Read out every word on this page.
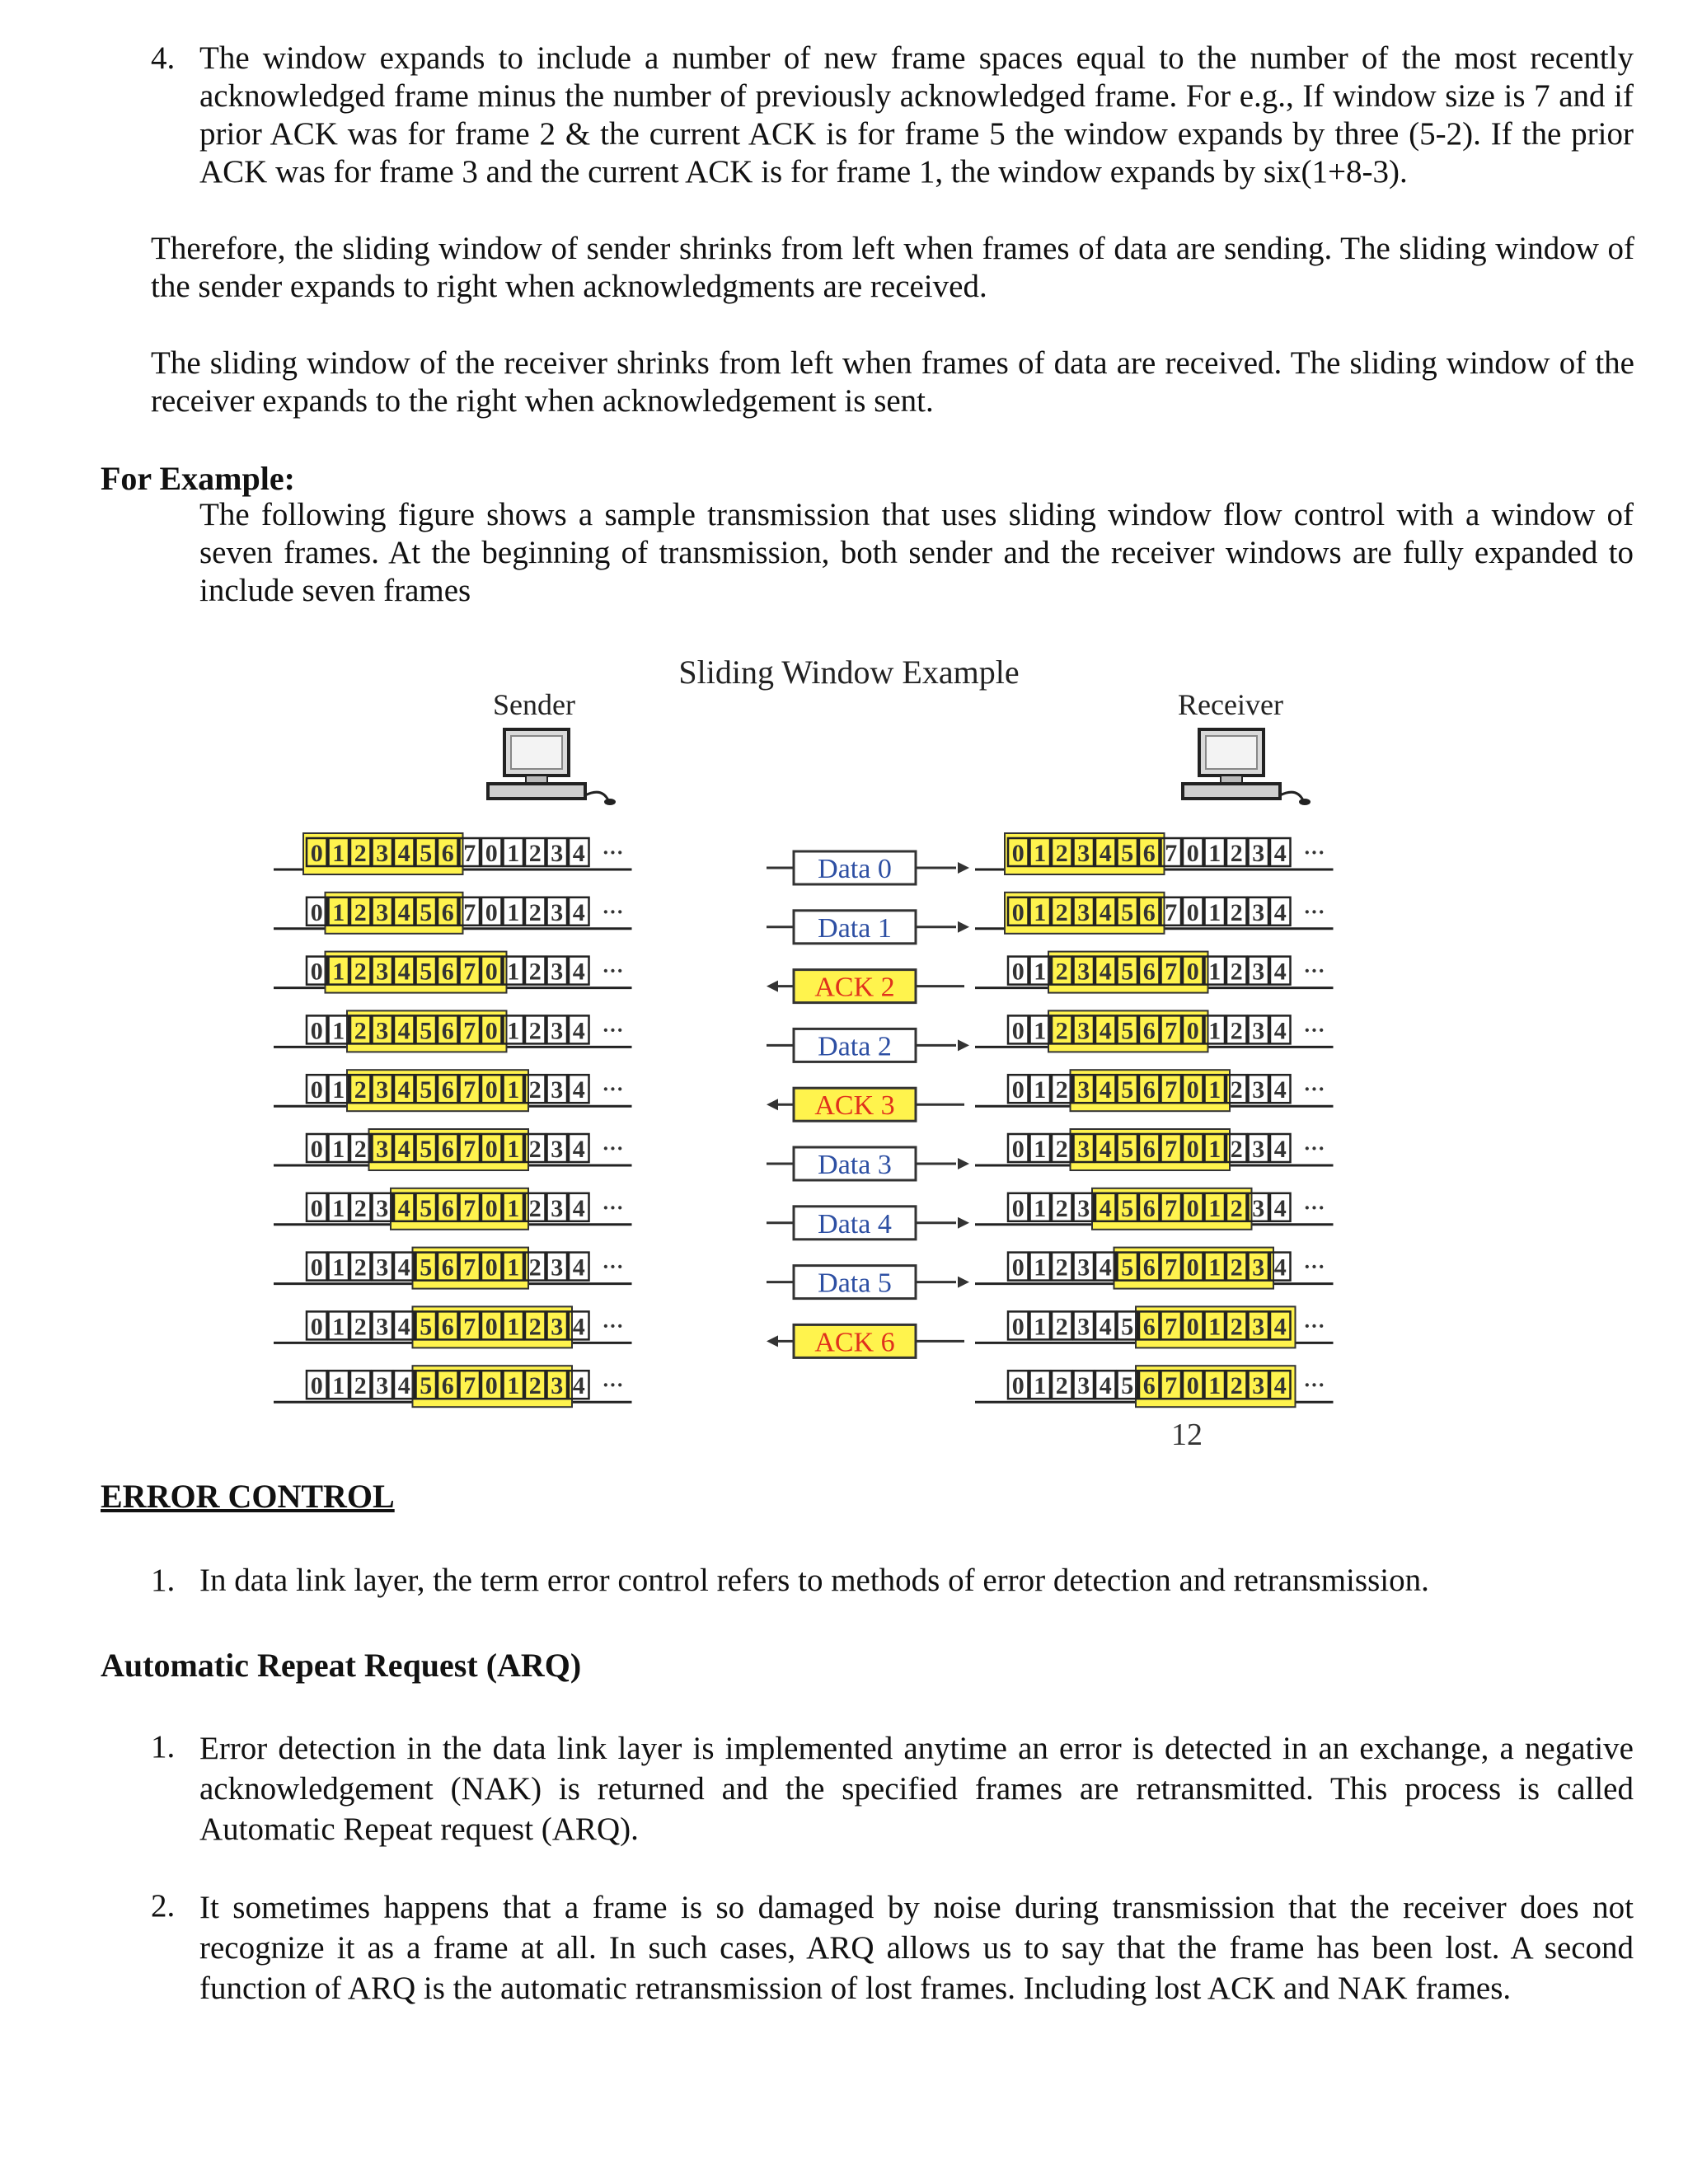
4. The window expands to include a number of new frame spaces equal to the number of the most recently acknowledged frame minus the number of previously acknowledged frame. For e.g., If window size is 7 and if prior ACK was for frame 2 & the current ACK is for frame 5 the window expands by three (5-2). If the prior ACK was for frame 3 and the current ACK is for frame 1, the window expands by six(1+8-3).

Therefore, the sliding window of sender shrinks from left when frames of data are sending. The sliding window of the sender expands to right when acknowledgments are received.

The sliding window of the receiver shrinks from left when frames of data are received. The sliding window of the receiver expands to the right when acknowledgement is sent.

For Example:

The following figure shows a sample transmission that uses sliding window flow control with a window of seven frames. At the beginning of transmission, both sender and the receiver windows are fully expanded to include seven frames

Sliding Window Example
Sender	Receiver
0 1 2 3 4 5 6 7 0 1 2 3 4 ···
0 1 2 3 4 5 6 7 0 1 2 3 4 ···
0 1 2 3 4 5 6 7 0 1 2 3 4 ···
0 1 2 3 4 5 6 7 0 1 2 3 4 ···
0 1 2 3 4 5 6 7 0 1 2 3 4 ···
0 1 2 3 4 5 6 7 0 1 2 3 4 ···
0 1 2 3 4 5 6 7 0 1 2 3 4 ···
0 1 2 3 4 5 6 7 0 1 2 3 4 ···
0 1 2 3 4 5 6 7 0 1 2 3 4 ···
0 1 2 3 4 5 6 7 0 1 2 3 4 ···
0 1 2 3 4 5 6 7 0 1 2 3 4 ···
0 1 2 3 4 5 6 7 0 1 2 3 4 ···
0 1 2 3 4 5 6 7 0 1 2 3 4 ···
0 1 2 3 4 5 6 7 0 1 2 3 4 ···
0 1 2 3 4 5 6 7 0 1 2 3 4 ···
0 1 2 3 4 5 6 7 0 1 2 3 4 ···
0 1 2 3 4 5 6 7 0 1 2 3 4 ···
0 1 2 3 4 5 6 7 0 1 2 3 4 ···
0 1 2 3 4 5 6 7 0 1 2 3 4 ···
0 1 2 3 4 5 6 7 0 1 2 3 4 ···
Data 0
Data 1
ACK 2
Data 2
ACK 3
Data 3
Data 4
Data 5
ACK 6
12
ERROR CONTROL
1. In data link layer, the term error control refers to methods of error detection and retransmission.

Automatic Repeat Request (ARQ)
1. Error detection in the data link layer is implemented anytime an error is detected in an exchange, a negative acknowledgement (NAK) is returned and the specified frames are retransmitted. This process is called Automatic Repeat request (ARQ).

2. It sometimes happens that a frame is so damaged by noise during transmission that the receiver does not recognize it as a frame at all. In such cases, ARQ allows us to say that the frame has been lost. A second function of ARQ is the automatic retransmission of lost frames. Including lost ACK and NAK frames.
